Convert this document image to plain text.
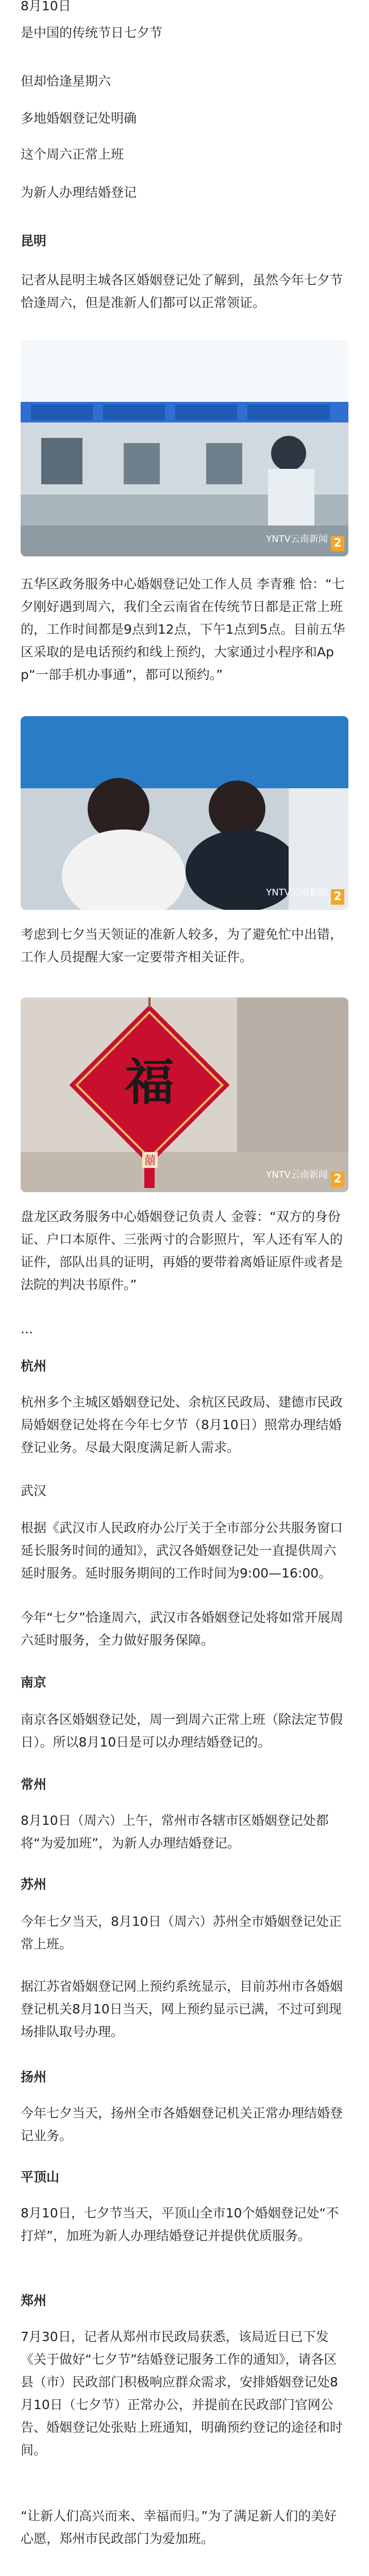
8月10日

是中国的传统节日七夕节

但却恰逢星期六

多地婚姻登记处明确

这个周六正常上班

为新人办理结婚登记

昆明

记者从昆明主城各区婚姻登记处了解到，虽然今年七夕节恰逢周六，但是准新人们都可以正常领证。

YNTV云南新闻 2

五华区政务服务中心婚姻登记处工作人员 李青雅 恰：“七夕刚好遇到周六，我们全云南省在传统节日都是正常上班的，工作时间都是9点到12点，下午1点到5点。目前五华区采取的是电话预约和线上预约，大家通过小程序和App“一部手机办事通”，都可以预约。”

YNTV云南新闻 2

考虑到七夕当天领证的准新人较多，为了避免忙中出错，工作人员提醒大家一定要带齐相关证件。

福
囍
YNTV云南新闻 2

盘龙区政务服务中心婚姻登记负责人 金蓉：“双方的身份证、户口本原件、三张两寸的合影照片，军人还有军人的证件，部队出具的证明，再婚的要带着离婚证原件或者是法院的判决书原件。”

...

杭州

杭州多个主城区婚姻登记处、余杭区民政局、建德市民政局婚姻登记处将在今年七夕节（8月10日）照常办理结婚登记业务。尽最大限度满足新人需求。

武汉

根据《武汉市人民政府办公厅关于全市部分公共服务窗口延长服务时间的通知》，武汉各婚姻登记处一直提供周六延时服务。延时服务期间的工作时间为9:00—16:00。

今年“七夕”恰逢周六，武汉市各婚姻登记处将如常开展周六延时服务，全力做好服务保障。

南京

南京各区婚姻登记处，周一到周六正常上班（除法定节假日）。所以8月10日是可以办理结婚登记的。

常州

8月10日（周六）上午，常州市各辖市区婚姻登记处都将“为爱加班”，为新人办理结婚登记。

苏州

今年七夕当天，8月10日（周六）苏州全市婚姻登记处正常上班。

据江苏省婚姻登记网上预约系统显示，目前苏州市各婚姻登记机关8月10日当天，网上预约显示已满，不过可到现场排队取号办理。

扬州

今年七夕当天，扬州全市各婚姻登记机关正常办理结婚登记业务。

平顶山

8月10日，七夕节当天，平顶山全市10个婚姻登记处“不打烊”，加班为新人办理结婚登记并提供优质服务。

郑州

7月30日，记者从郑州市民政局获悉，该局近日已下发《关于做好“七夕节”结婚登记服务工作的通知》，请各区县（市）民政部门积极响应群众需求，安排婚姻登记处8月10日（七夕节）正常办公，并提前在民政部门官网公告、婚姻登记处张贴上班通知，明确预约登记的途径和时间。

“让新人们高兴而来、幸福而归。”为了满足新人们的美好心愿，郑州市民政部门为爱加班。
